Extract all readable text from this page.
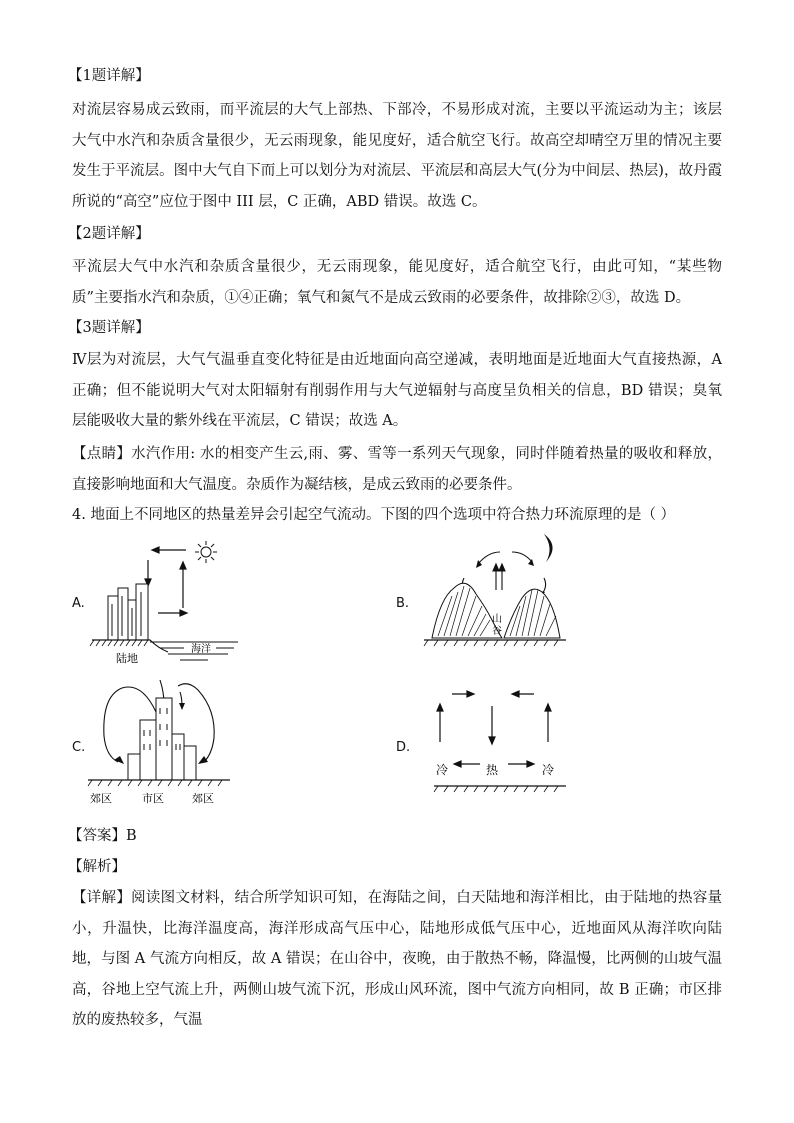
【1题详解】

对流层容易成云致雨，而平流层的大气上部热、下部冷，不易形成对流，主要以平流运动为主；该层大气中水汽和杂质含量很少，无云雨现象，能见度好，适合航空飞行。故高空却晴空万里的情况主要发生于平流层。图中大气自下而上可以划分为对流层、平流层和高层大气(分为中间层、热层)，故丹霞所说的“高空”应位于图中 III 层，C 正确，ABD 错误。故选 C。

【2题详解】

平流层大气中水汽和杂质含量很少，无云雨现象，能见度好，适合航空飞行，由此可知，“某些物质”主要指水汽和杂质，①④正确；氧气和氮气不是成云致雨的必要条件，故排除②③，故选 D。

【3题详解】

Ⅳ层为对流层，大气气温垂直变化特征是由近地面向高空递减，表明地面是近地面大气直接热源，A 正确；但不能说明大气对太阳辐射有削弱作用与大气逆辐射与高度呈负相关的信息，BD 错误；臭氧层能吸收大量的紫外线在平流层，C 错误；故选 A。

【点睛】水汽作用: 水的相变产生云,雨、雾、雪等一系列天气现象，同时伴随着热量的吸收和释放，直接影响地面和大气温度。杂质作为凝结核，是成云致雨的必要条件。

4. 地面上不同地区的热量差异会引起空气流动。下图的四个选项中符合热力环流原理的是（ ）

A.
陆地
海洋
B.
山
谷
C.
郊区	市区	郊区
D.
冷	热	冷

【答案】B

【解析】

【详解】阅读图文材料，结合所学知识可知，在海陆之间，白天陆地和海洋相比，由于陆地的热容量小，升温快，比海洋温度高，海洋形成高气压中心，陆地形成低气压中心，近地面风从海洋吹向陆地，与图 A 气流方向相反，故 A 错误；在山谷中，夜晚，由于散热不畅，降温慢，比两侧的山坡气温高，谷地上空气流上升，两侧山坡气流下沉，形成山风环流，图中气流方向相同，故 B 正确；市区排放的废热较多，气温
